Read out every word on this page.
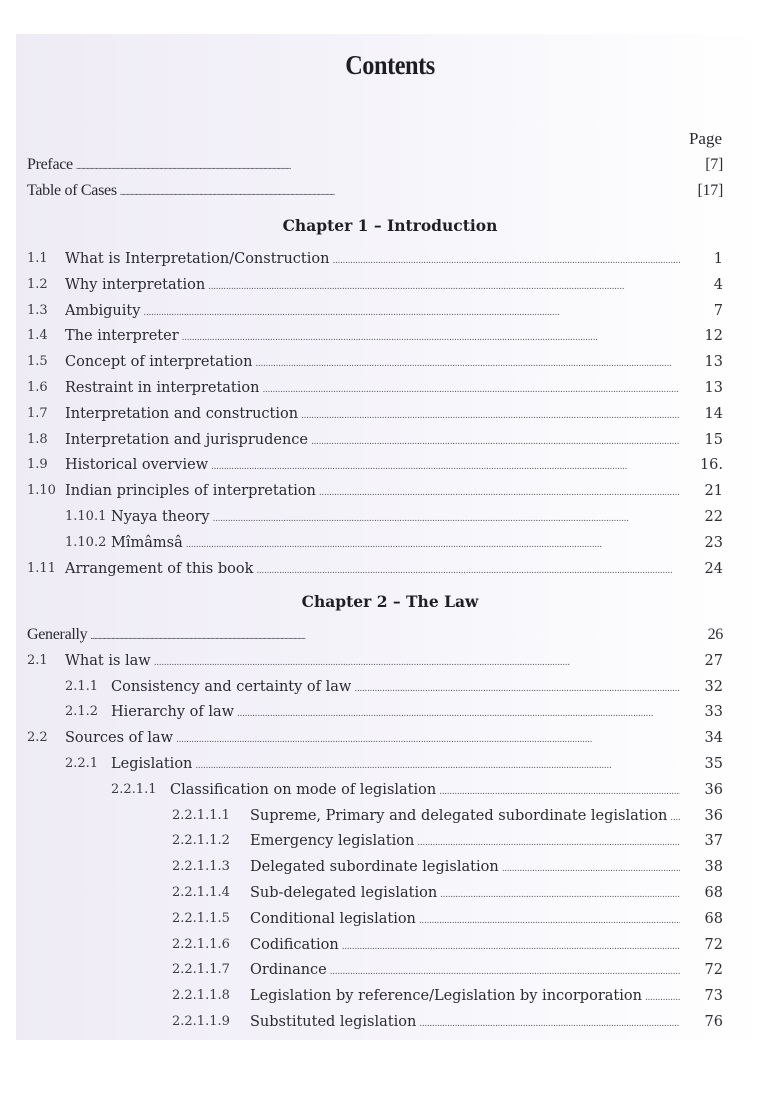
Contents
Page
Preface . . .	[7]
Table of Cases . . .	[17]
Chapter 1 – Introduction
1.1 What is Interpretation/Construction . . .	1
1.2 Why interpretation . . .	4
1.3 Ambiguity . . .	7
1.4 The interpreter . . .	12
1.5 Concept of interpretation . . .	13
1.6 Restraint in interpretation . . .	13
1.7 Interpretation and construction . . .	14
1.8 Interpretation and jurisprudence . . .	15
1.9 Historical overview . . .	16.
1.10 Indian principles of interpretation . . .	21
1.10.1 Nyaya theory . . .	22
1.10.2 Mîmâmsâ . . .	23
1.11 Arrangement of this book . . .	24
Chapter 2 – The Law
Generally . . .	26
2.1 What is law . . .	27
2.1.1 Consistency and certainty of law . . .	32
2.1.2 Hierarchy of law . . .	33
2.2 Sources of law . . .	34
2.2.1 Legislation . . .	35
2.2.1.1 Classification on mode of legislation . . .	36
2.2.1.1.1 Supreme, Primary and delegated subordinate legislation . . .	36
2.2.1.1.2 Emergency legislation . . .	37
2.2.1.1.3 Delegated subordinate legislation . . .	38
2.2.1.1.4 Sub-delegated legislation . . .	68
2.2.1.1.5 Conditional legislation . . .	68
2.2.1.1.6 Codification . . .	72
2.2.1.1.7 Ordinance . . .	72
2.2.1.1.8 Legislation by reference/Legislation by incorporation . . .	73
2.2.1.1.9 Substituted legislation . . .	76
